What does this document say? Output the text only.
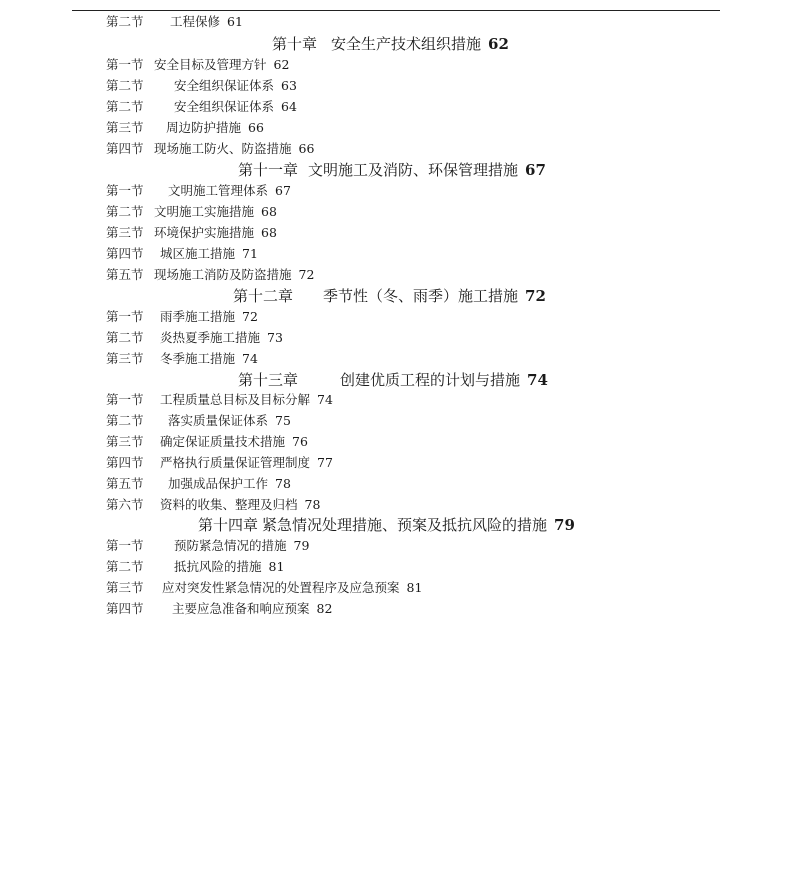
第二节 工程保修 61
第十章 安全生产技术组织措施 62
第一节 安全目标及管理方针 62
第二节 安全组织保证体系 63
第二节 安全组织保证体系 64
第三节 周边防护措施 66
第四节 现场施工防火、防盗措施 66
第十一章 文明施工及消防、环保管理措施 67
第一节 文明施工管理体系 67
第二节 文明施工实施措施 68
第三节 环境保护实施措施 68
第四节 城区施工措施 71
第五节 现场施工消防及防盗措施 72
第十二章 季节性（冬、雨季）施工措施 72
第一节 雨季施工措施 72
第二节 炎热夏季施工措施 73
第三节 冬季施工措施 74
第十三章	创建优质工程的计划与措施 74
第一节 工程质量总目标及目标分解 74
第二节 落实质量保证体系 75
第三节 确定保证质量技术措施 76
第四节 严格执行质量保证管理制度 77
第五节 加强成品保护工作 78
第六节 资料的收集、整理及归档 78
第十四章 紧急情况处理措施、预案及抵抗风险的措施 79
第一节 预防紧急情况的措施 79
第二节 抵抗风险的措施 81
第三节 应对突发性紧急情况的处置程序及应急预案 81
第四节 主要应急准备和响应预案 82
